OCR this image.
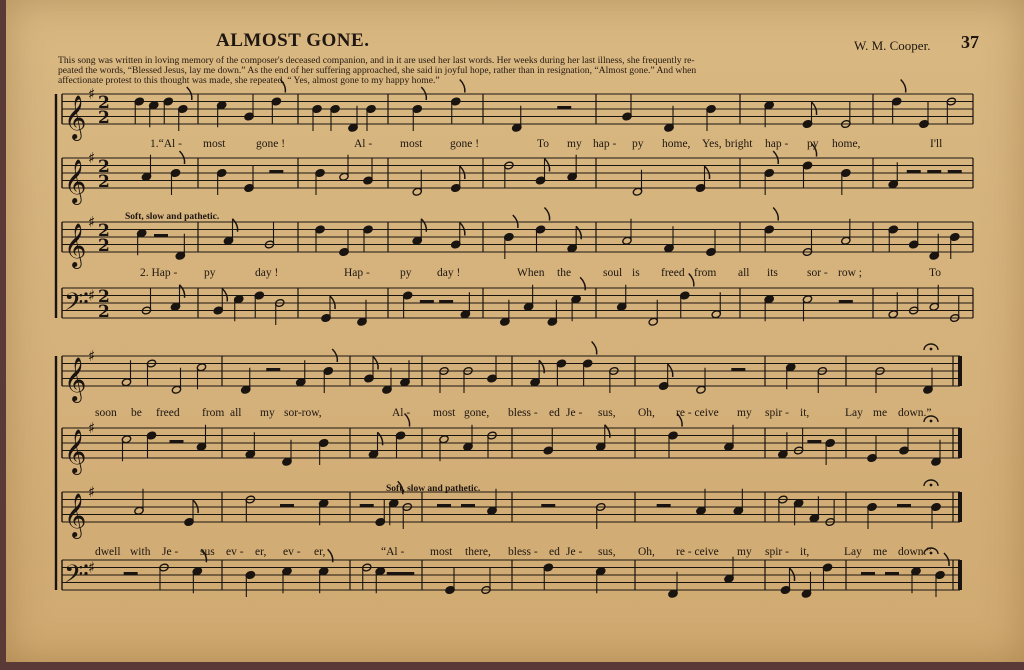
ALMOST GONE.	W. M. Cooper. 37
This song was written in loving memory of the composer's deceased companion, and in it are used her last words. Her weeks during her last illness, she frequently re-
peated the words, “Blessed Jesus, lay me down.” As the end of her suffering approached, she said in joyful hope, rather than in resignation, “Almost gone.” And when
affectionate protest to this thought was made, she repeated, “ Yes, almost gone to my happy home.”
𝄞
♯ 2
2
𝄞
♯ 2
2
𝄞
♯ 2
2
𝄢 ♯ 2
2
𝄞
♯
𝄞
♯
𝄞
♯
𝄢 ♯
1.“Al - most	gone !	Al - most gone !	To my hap - py home, Yes, bright hap - py home,	I'll
2. Hap - py	day !	Hap -	py day !	When the	soul is freed from all its	sor - row ;	To
soon be freed from all my sor-row,	Al - most gone, bless - ed Je - sus, Oh, re - ceive my spir - it,	Lay me down.”
dwell with Je - sus ev - er, ev - er,	“Al - most there, bless - ed Je - sus, Oh, re - ceive my spir - it,	Lay me down.”
Soft, slow and pathetic.
Soft, slow and pathetic.
